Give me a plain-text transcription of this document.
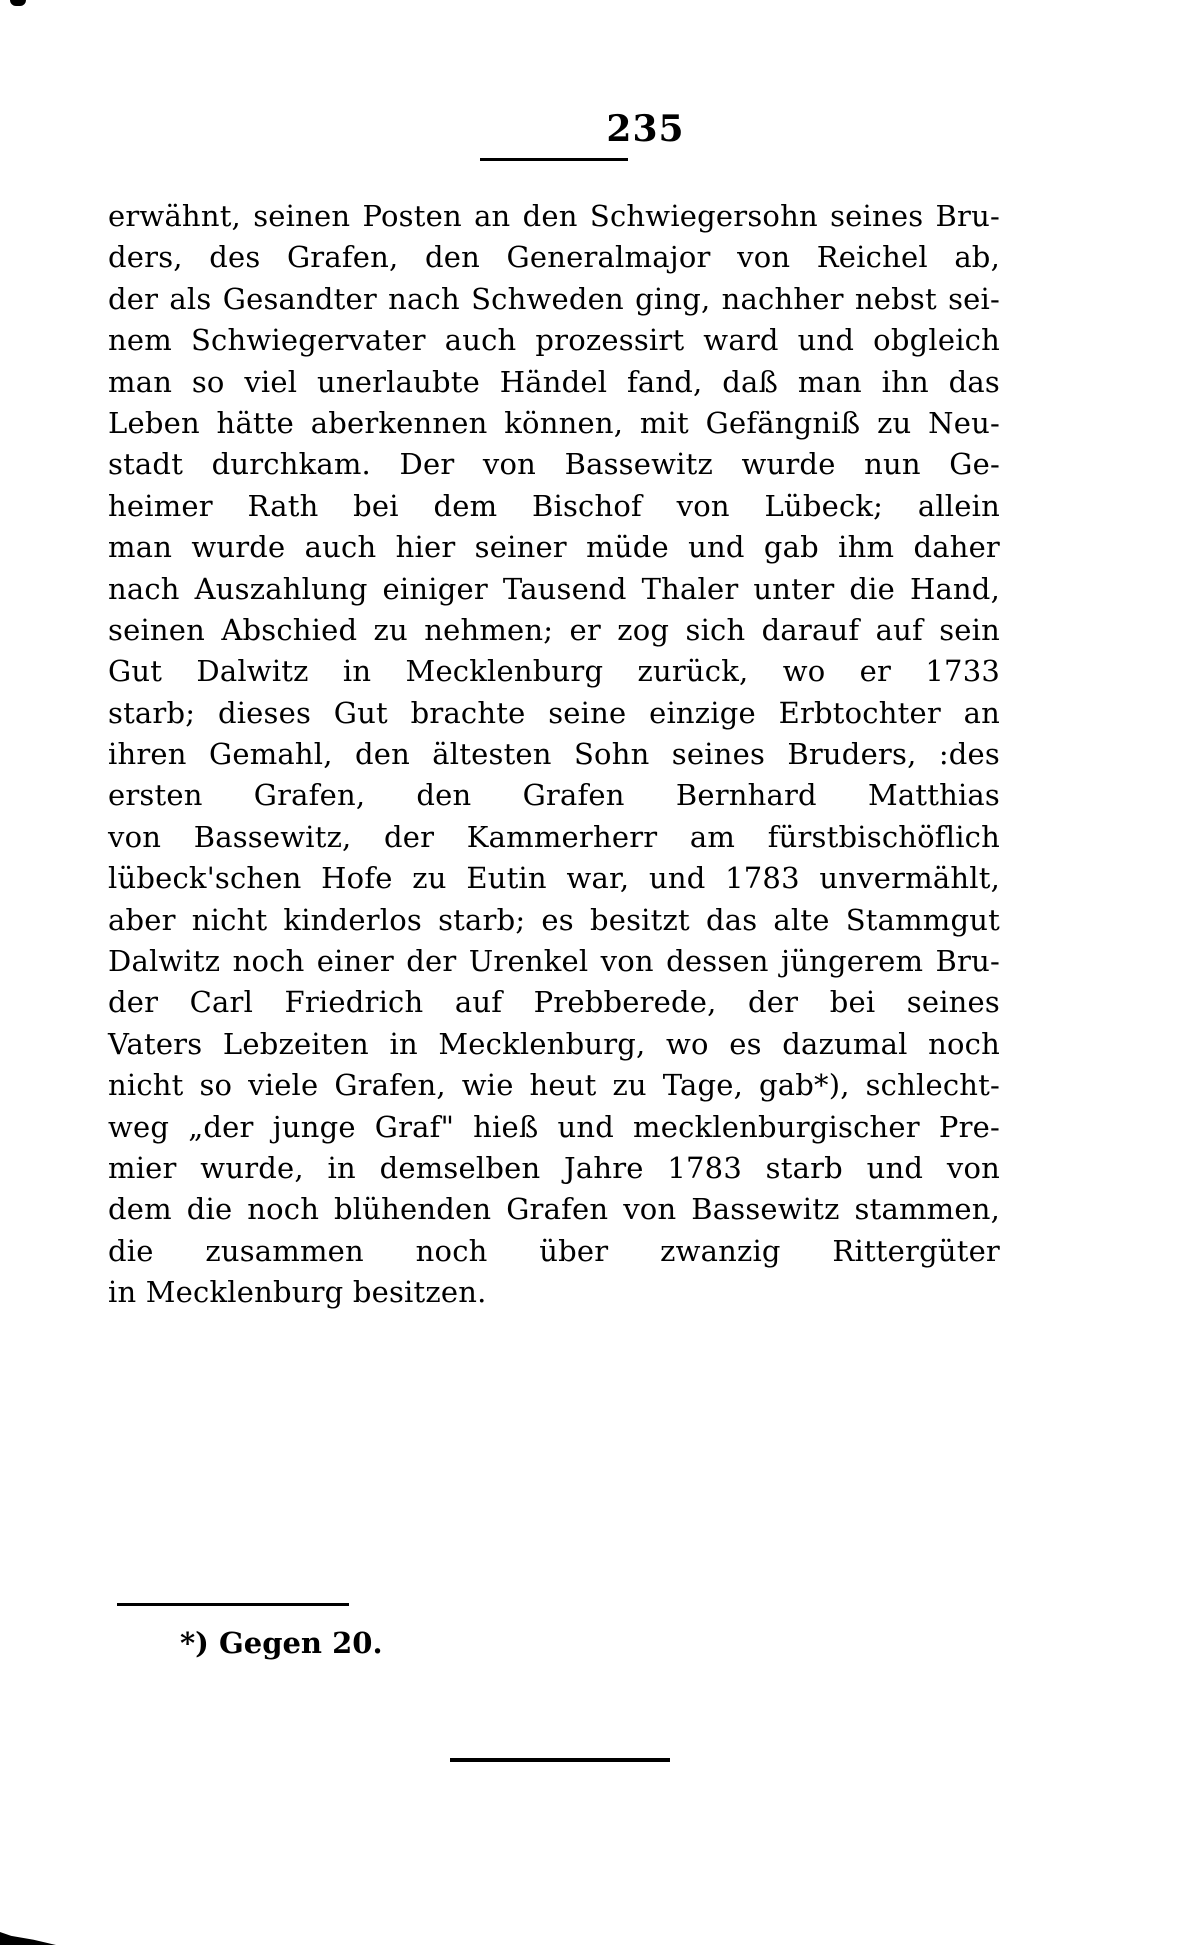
235
erwähnt, seinen Posten an den Schwiegersohn seines Bru-
ders, des Grafen, den Generalmajor von Reichel ab,
der als Gesandter nach Schweden ging, nachher nebst sei-
nem Schwiegervater auch prozessirt ward und obgleich
man so viel unerlaubte Händel fand, daß man ihn das
Leben hätte aberkennen können, mit Gefängniß zu Neu-
stadt durchkam. Der von Bassewitz wurde nun Ge-
heimer Rath bei dem Bischof von Lübeck; allein
man wurde auch hier seiner müde und gab ihm daher
nach Auszahlung einiger Tausend Thaler unter die Hand,
seinen Abschied zu nehmen; er zog sich darauf auf sein
Gut Dalwitz in Mecklenburg zurück, wo er 1733
starb; dieses Gut brachte seine einzige Erbtochter an
ihren Gemahl, den ältesten Sohn seines Bruders, :des
ersten Grafen, den Grafen Bernhard Matthias
von Bassewitz, der Kammerherr am fürstbischöflich
lübeck'schen Hofe zu Eutin war, und 1783 unvermählt,
aber nicht kinderlos starb; es besitzt das alte Stammgut
Dalwitz noch einer der Urenkel von dessen jüngerem Bru-
der Carl Friedrich auf Prebberede, der bei seines
Vaters Lebzeiten in Mecklenburg, wo es dazumal noch
nicht so viele Grafen, wie heut zu Tage, gab*), schlecht-
weg „der junge Graf" hieß und mecklenburgischer Pre-
mier wurde, in demselben Jahre 1783 starb und von
dem die noch blühenden Grafen von Bassewitz stammen,
die zusammen noch über zwanzig Rittergüter
in Mecklenburg besitzen.
*) Gegen 20.
